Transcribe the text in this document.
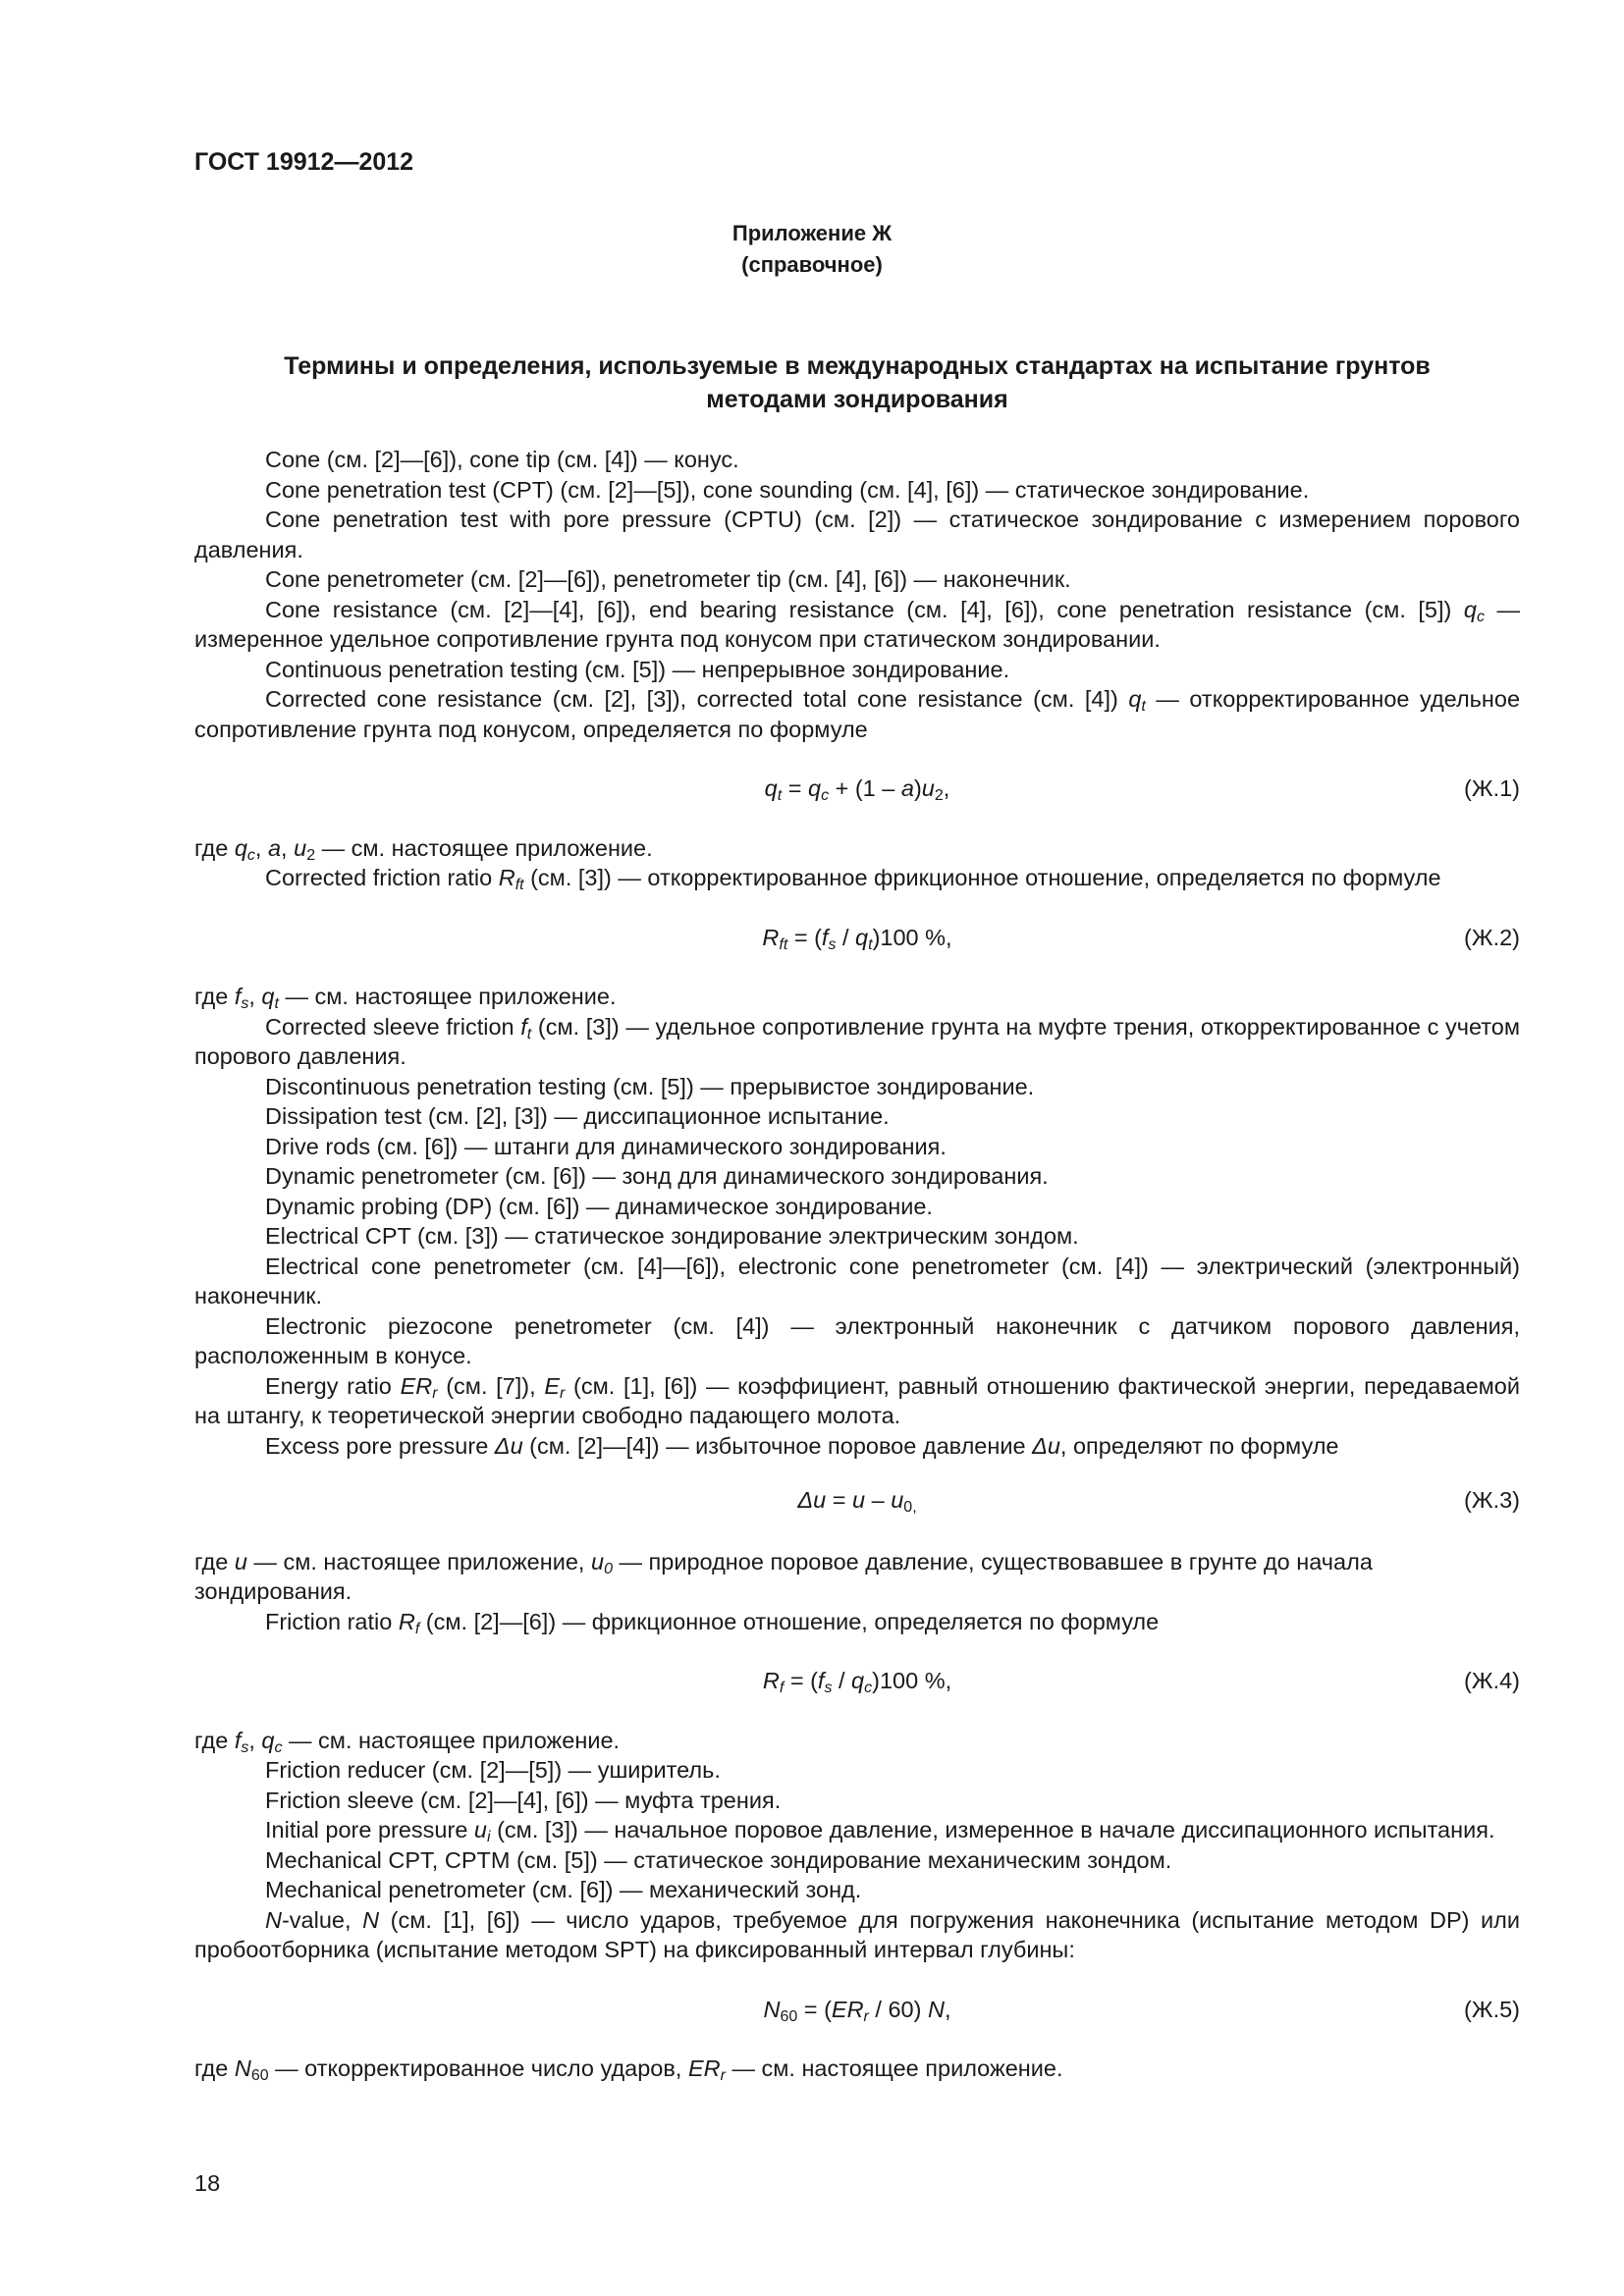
ГОСТ 19912—2012
Приложение Ж
(справочное)
Термины и определения, используемые в международных стандартах на испытание грунтов
методами зондирования

Cone (см. [2]—[6]), cone tip (см. [4]) — конус.

Cone penetration test (CPT) (см. [2]—[5]), cone sounding (см. [4], [6]) — статическое зондирование.

Cone penetration test with pore pressure (CPTU) (см. [2]) — статическое зондирование с измерением порового давления.

Cone penetrometer (см. [2]—[6]), penetrometer tip (см. [4], [6]) — наконечник.

Cone resistance (см. [2]—[4], [6]), end bearing resistance (см. [4], [6]), cone penetration resistance (см. [5]) $q_c$ — измеренное удельное сопротивление грунта под конусом при статическом зондировании.

Continuous penetration testing (см. [5]) — непрерывное зондирование.

Corrected cone resistance (см. [2], [3]), corrected total cone resistance (см. [4]) $q_t$ — откорректированное удельное сопротивление грунта под конусом, определяется по формуле

$q_t = q_c + (1 - a)u_2$,	(Ж.1)

где $q_c$, a, $u_2$ — см. настоящее приложение.

Corrected friction ratio $R_{ft}$ (см. [3]) — откорректированное фрикционное отношение, определяется по формуле

$R_{ft} = (f_s / q_t)100$ %,	(Ж.2)

где $f_s$, $q_t$ — см. настоящее приложение.

Corrected sleeve friction $f_t$ (см. [3]) — удельное сопротивление грунта на муфте трения, откорректированное с учетом порового давления.

Discontinuous penetration testing (см. [5]) — прерывистое зондирование.

Dissipation test (см. [2], [3]) — диссипационное испытание.

Drive rods (см. [6]) — штанги для динамического зондирования.

Dynamic penetrometer (см. [6]) — зонд для динамического зондирования.

Dynamic probing (DP) (см. [6]) — динамическое зондирование.

Electrical CPT (см. [3]) — статическое зондирование электрическим зондом.

Electrical cone penetrometer (см. [4]—[6]), electronic cone penetrometer (см. [4]) — электрический (электронный) наконечник.

Electronic piezocone penetrometer (см. [4]) — электронный наконечник с датчиком порового давления, расположенным в конусе.

Energy ratio $ER_r$ (см. [7]), $E_r$ (см. [1], [6]) — коэффициент, равный отношению фактической энергии, передаваемой на штангу, к теоретической энергии свободно падающего молота.

Excess pore pressure Δu (см. [2]—[4]) — избыточное поровое давление Δu, определяют по формуле

$\Delta u = u - u_{0,}$	(Ж.3)

где u — см. настоящее приложение, $u_0$ — природное поровое давление, существовавшее в грунте до начала зондирования.

Friction ratio $R_f$ (см. [2]—[6]) — фрикционное отношение, определяется по формуле

$R_f = (f_s / q_c)100$ %,	(Ж.4)

где $f_s$, $q_c$ — см. настоящее приложение.

Friction reducer (см. [2]—[5]) — уширитель.

Friction sleeve (см. [2]—[4], [6]) — муфта трения.

Initial pore pressure $u_i$ (см. [3]) — начальное поровое давление, измеренное в начале диссипационного испытания.

Mechanical CPT, CPTM (см. [5]) — статическое зондирование механическим зондом.

Mechanical penetrometer (см. [6]) — механический зонд.

N-value, N (см. [1], [6]) — число ударов, требуемое для погружения наконечника (испытание методом DP) или пробоотборника (испытание методом SPT) на фиксированный интервал глубины:

$N_{60} = (ER_r / 60)$ N,	(Ж.5)

где $N_{60}$ — откорректированное число ударов, $ER_r$ — см. настоящее приложение.

18
